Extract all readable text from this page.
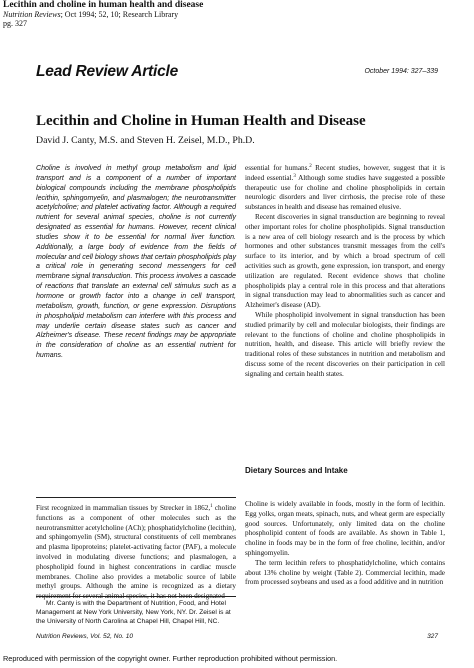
Lecithin and choline in human health and disease
Nutrition Reviews; Oct 1994; 52, 10; Research Library
pg. 327
Lead Review Article	October 1994: 327–339
Lecithin and Choline in Human Health and Disease
David J. Canty, M.S. and Steven H. Zeisel, M.D., Ph.D.
Choline is involved in methyl group metabolism and lipid transport and is a component of a number of important biological compounds including the membrane phospholipids lecithin, sphingomyelin, and plasmalogen; the neurotransmitter acetylcholine; and platelet activating factor. Although a required nutrient for several animal species, choline is not currently designated as essential for humans. However, recent clinical studies show it to be essential for normal liver function. Additionally, a large body of evidence from the fields of molecular and cell biology shows that certain phospholipids play a critical role in generating second messengers for cell membrane signal transduction. This process involves a cascade of reactions that translate an external cell stimulus such as a hormone or growth factor into a change in cell transport, metabolism, growth, function, or gene expression. Disruptions in phospholipid metabolism can interfere with this process and may underlie certain disease states such as cancer and Alzheimer's disease. These recent findings may be appropriate in the consideration of choline as an essential nutrient for humans.

First recognized in mammalian tissues by Strecker in 1862,$^1$ choline functions as a component of other molecules such as the neurotransmitter acetylcholine (ACh); phosphatidylcholine (lecithin), and sphingomyelin (SM), structural constituents of cell membranes and plasma lipoproteins; platelet-activating factor (PAF), a molecule involved in modulating diverse functions; and plasmalogen, a phospholipid found in highest concentrations in cardiac muscle membranes. Choline also provides a metabolic source of labile methyl groups. Although the amine is recognized as a dietary requirement for several animal species, it has not been designated

Mr. Canty is with the Department of Nutrition, Food, and Hotel Management at New York University, New York, NY. Dr. Zeisel is at the University of North Carolina at Chapel Hill, Chapel Hill, NC.

essential for humans.$^2$ Recent studies, however, suggest that it is indeed essential.$^3$ Although some studies have suggested a possible therapeutic use for choline and choline phospholipids in certain neurologic disorders and liver cirrhosis, the precise role of these substances in health and disease has remained elusive.

Recent discoveries in signal transduction are beginning to reveal other important roles for choline phospholipids. Signal transduction is a new area of cell biology research and is the process by which hormones and other substances transmit messages from the cell's surface to its interior, and by which a broad spectrum of cell activities such as growth, gene expression, ion transport, and energy utilization are regulated. Recent evidence shows that choline phospholipids play a central role in this process and that alterations in signal transduction may lead to abnormalities such as cancer and Alzheimer's disease (AD).

While phospholipid involvement in signal transduction has been studied primarily by cell and molecular biologists, their findings are relevant to the functions of choline and choline phospholipids in nutrition, health, and disease. This article will briefly review the traditional roles of these substances in nutrition and metabolism and discuss some of the recent discoveries on their participation in cell signaling and certain health states.

Dietary Sources and Intake

Choline is widely available in foods, mostly in the form of lecithin. Egg yolks, organ meats, spinach, nuts, and wheat germ are especially good sources. Unfortunately, only limited data on the choline phospholipid content of foods are available. As shown in Table 1, choline in foods may be in the form of free choline, lecithin, and/or sphingomyelin.

The term lecithin refers to phosphatidylcholine, which contains about 13% choline by weight (Table 2). Commercial lecithin, made from processed soybeans and used as a food additive and in nutrition

Nutrition Reviews, Vol. 52, No. 10	327
Reproduced with permission of the copyright owner. Further reproduction prohibited without permission.
